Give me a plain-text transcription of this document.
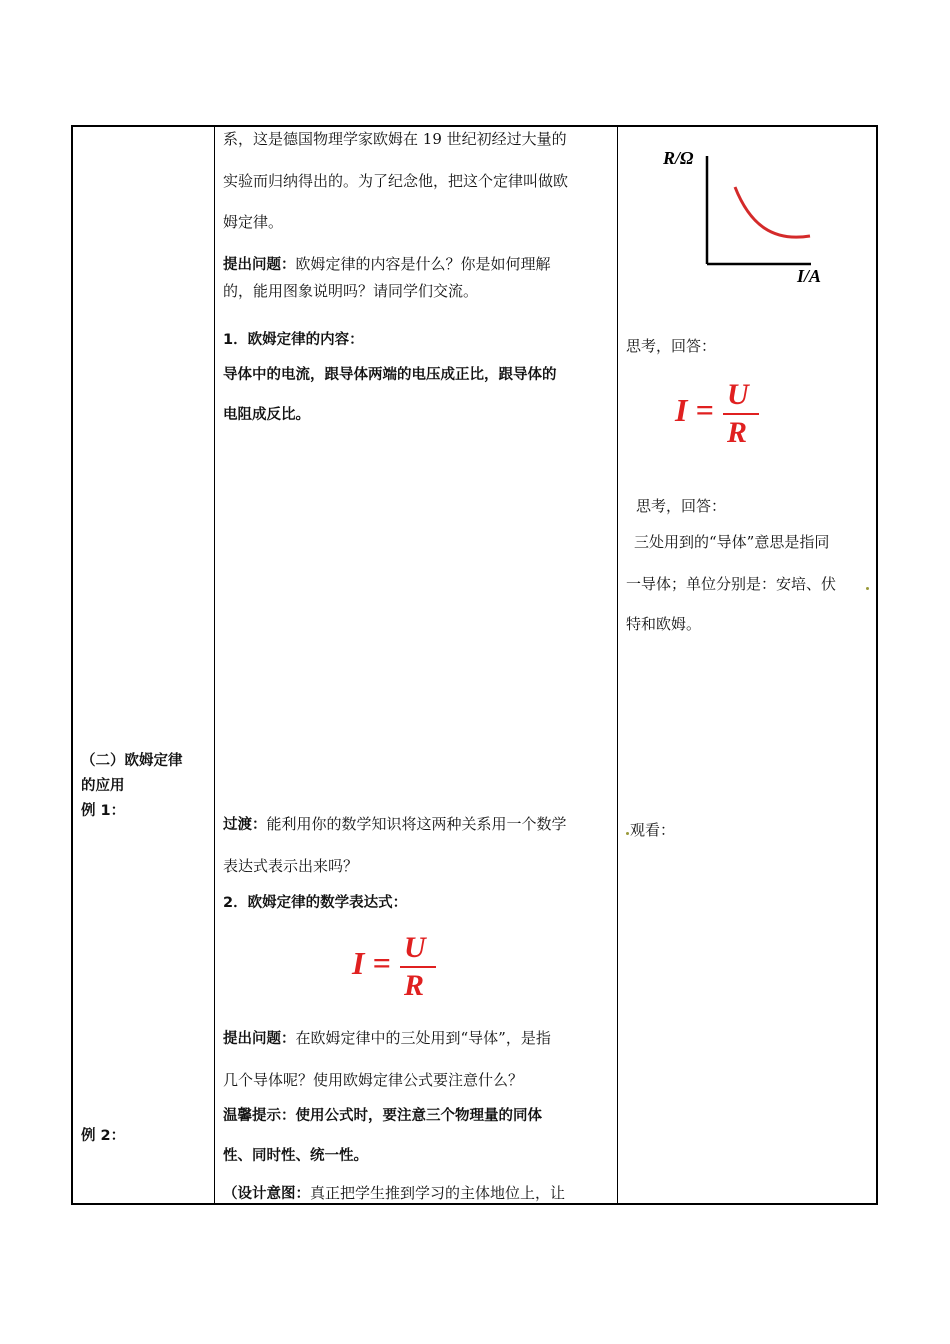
（二）欧姆定律
的应用
例 1：
例 2：
系，这是德国物理学家欧姆在 19 世纪初经过大量的
实验而归纳得出的。为了纪念他，把这个定律叫做欧
姆定律。
提出问题：欧姆定律的内容是什么？你是如何理解
的，能用图象说明吗？请同学们交流。
1．欧姆定律的内容：
导体中的电流，跟导体两端的电压成正比，跟导体的
电阻成反比。
过渡：能利用你的数学知识将这两种关系用一个数学
表达式表示出来吗？
2．欧姆定律的数学表达式：
I = U
R
提出问题：在欧姆定律中的三处用到“导体”，是指
几个导体呢？使用欧姆定律公式要注意什么？
温馨提示：使用公式时，要注意三个物理量的同体
性、同时性、统一性。
（设计意图：真正把学生推到学习的主体地位上，让
R/Ω
I/A
思考，回答：
I = U
R
思考，回答：
三处用到的“导体”意思是指同
一导体；单位分别是：安培、伏
特和欧姆。
观看：
